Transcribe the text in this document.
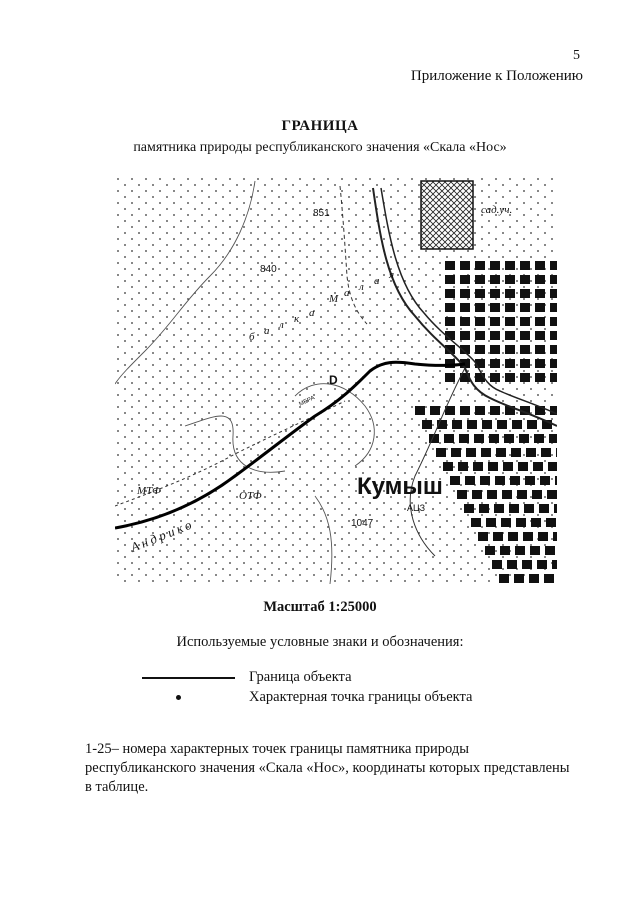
5
Приложение к Положению
ГРАНИЦА
памятника природы республиканского значения «Скала «Нос»
851
840
1047
сад.уч.
М а л а я
б а л к а
D
МЕРА
МТФ	ОТФ
Андрико
Кумыш
АЦЗ
Масштаб 1:25000
Используемые условные знаки и обозначения:
Граница объекта
Характерная точка границы объекта
1-25– номера характерных точек границы памятника природы республиканского значения «Скала «Нос», координаты которых представлены в таблице.
